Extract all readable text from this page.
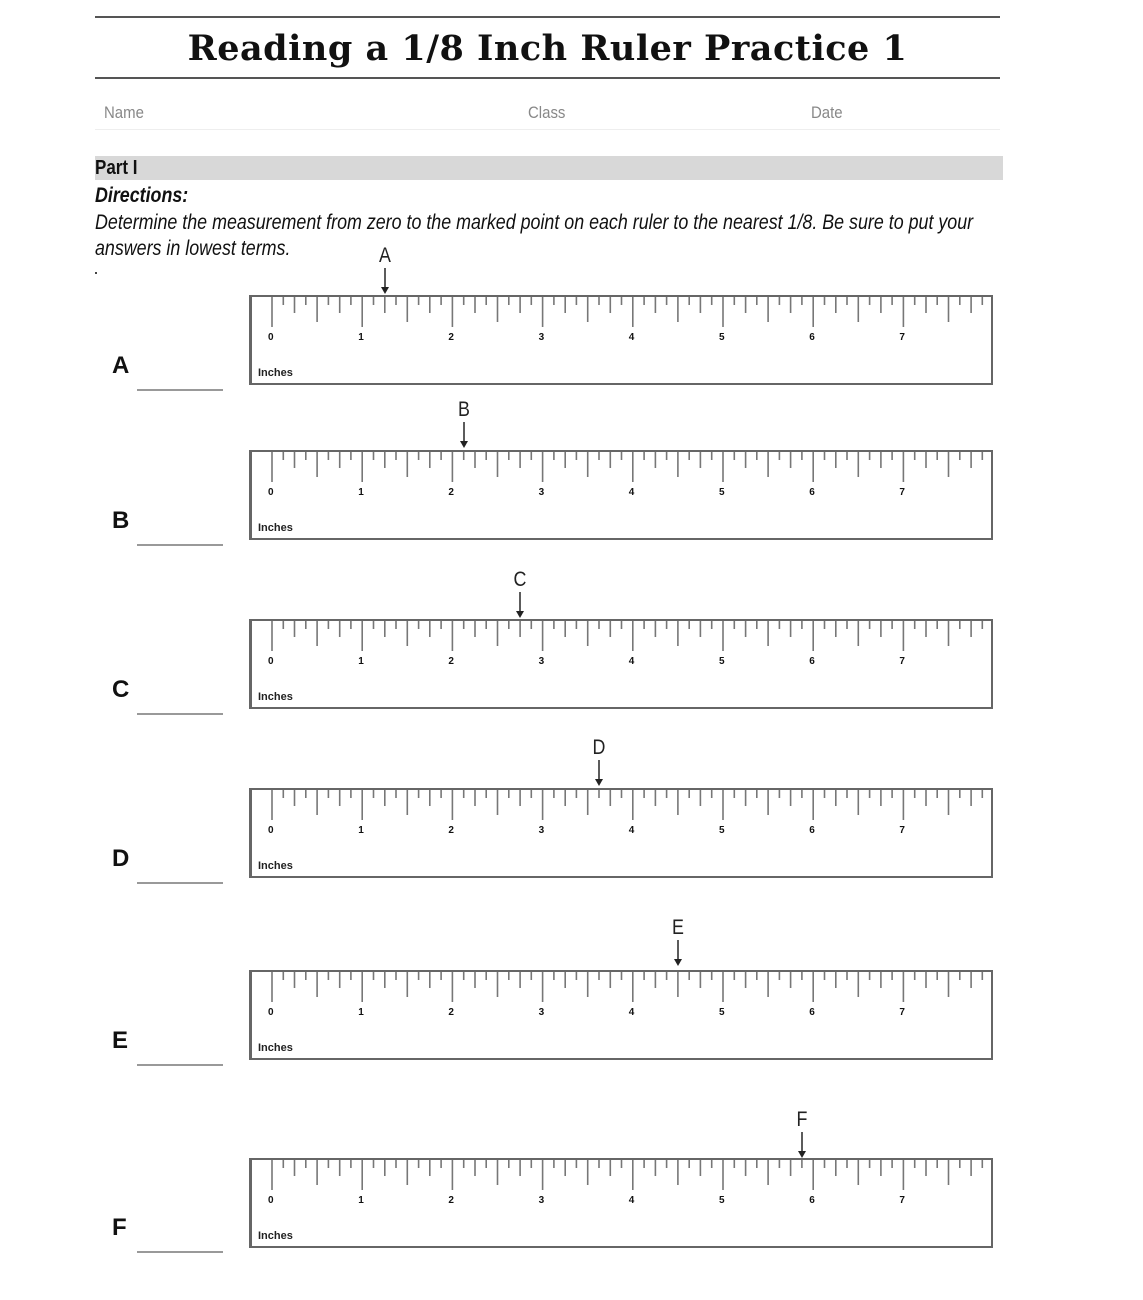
Reading a 1/8 Inch Ruler Practice 1
Name	Class	Date
Part I
Directions:
Determine the measurement from zero to the marked point on each ruler to the nearest 1/8. Be sure to put your answers in lowest terms.
A
A
0	1	2	3	4	5	6	7
Inches
B
B
0	1	2	3	4	5	6	7
Inches
C
C
0	1	2	3	4	5	6	7
Inches
D
D
0	1	2	3	4	5	6	7
Inches
E
E
0	1	2	3	4	5	6	7
Inches
F
F
0	1	2	3	4	5	6	7
Inches
